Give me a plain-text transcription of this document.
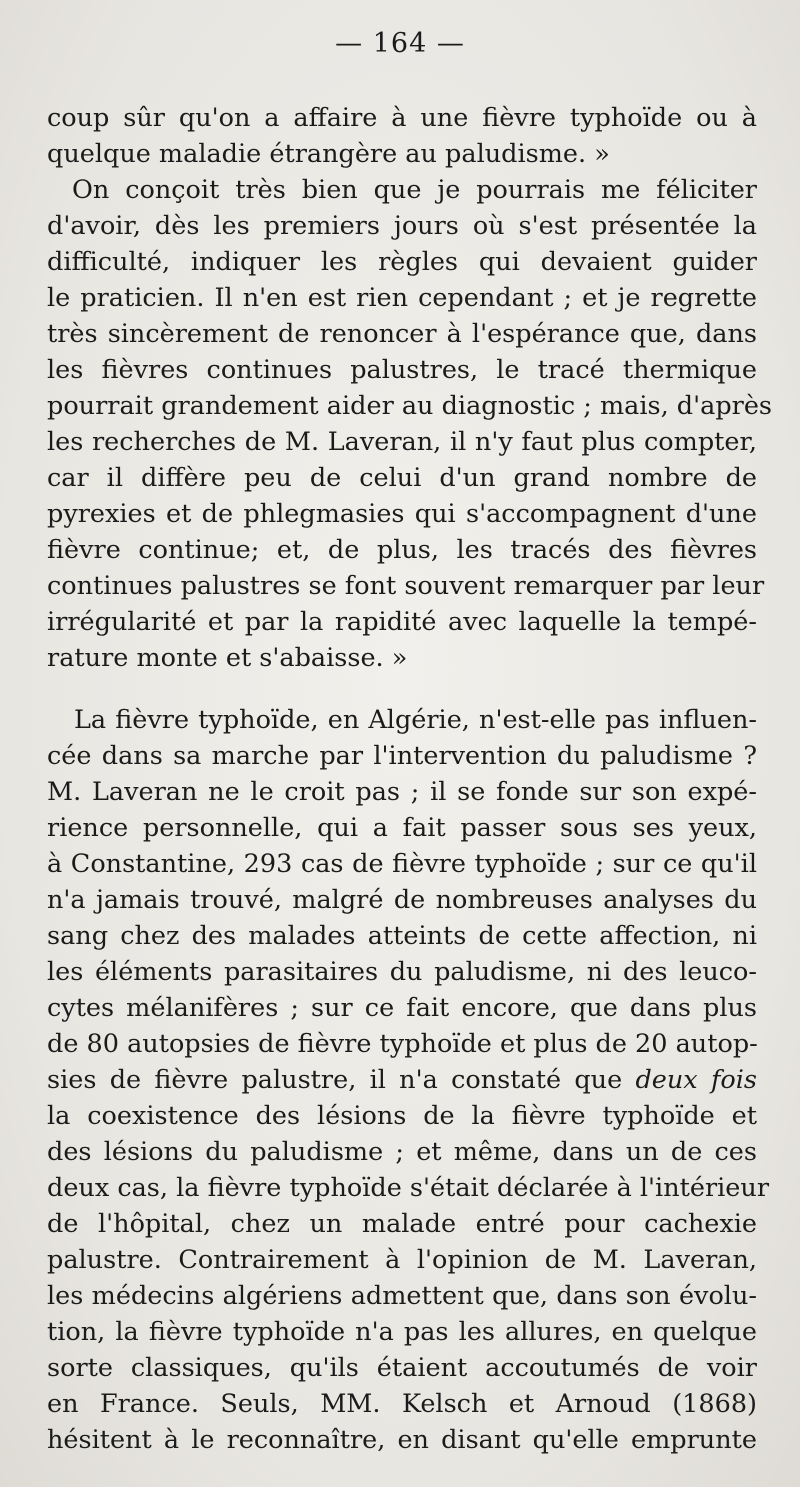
— 164 —
coup sûr qu'on a affaire à une fièvre typhoïde ou à
quelque maladie étrangère au paludisme. »
On conçoit très bien que je pourrais me féliciter
d'avoir, dès les premiers jours où s'est présentée la
difficulté, indiquer les règles qui devaient guider
le praticien. Il n'en est rien cependant ; et je regrette
très sincèrement de renoncer à l'espérance que, dans
les fièvres continues palustres, le tracé thermique
pourrait grandement aider au diagnostic ; mais, d'après
les recherches de M. Laveran, il n'y faut plus compter,
car il diffère peu de celui d'un grand nombre de
pyrexies et de phlegmasies qui s'accompagnent d'une
fièvre continue; et, de plus, les tracés des fièvres
continues palustres se font souvent remarquer par leur
irrégularité et par la rapidité avec laquelle la tempé-
rature monte et s'abaisse. »
La fièvre typhoïde, en Algérie, n'est-elle pas influen-
cée dans sa marche par l'intervention du paludisme ?
M. Laveran ne le croit pas ; il se fonde sur son expé-
rience personnelle, qui a fait passer sous ses yeux,
à Constantine, 293 cas de fièvre typhoïde ; sur ce qu'il
n'a jamais trouvé, malgré de nombreuses analyses du
sang chez des malades atteints de cette affection, ni
les éléments parasitaires du paludisme, ni des leuco-
cytes mélanifères ; sur ce fait encore, que dans plus
de 80 autopsies de fièvre typhoïde et plus de 20 autop-
sies de fièvre palustre, il n'a constaté que deux fois
la coexistence des lésions de la fièvre typhoïde et
des lésions du paludisme ; et même, dans un de ces
deux cas, la fièvre typhoïde s'était déclarée à l'intérieur
de l'hôpital, chez un malade entré pour cachexie
palustre. Contrairement à l'opinion de M. Laveran,
les médecins algériens admettent que, dans son évolu-
tion, la fièvre typhoïde n'a pas les allures, en quelque
sorte classiques, qu'ils étaient accoutumés de voir
en France. Seuls, MM. Kelsch et Arnoud (1868)
hésitent à le reconnaître, en disant qu'elle emprunte
